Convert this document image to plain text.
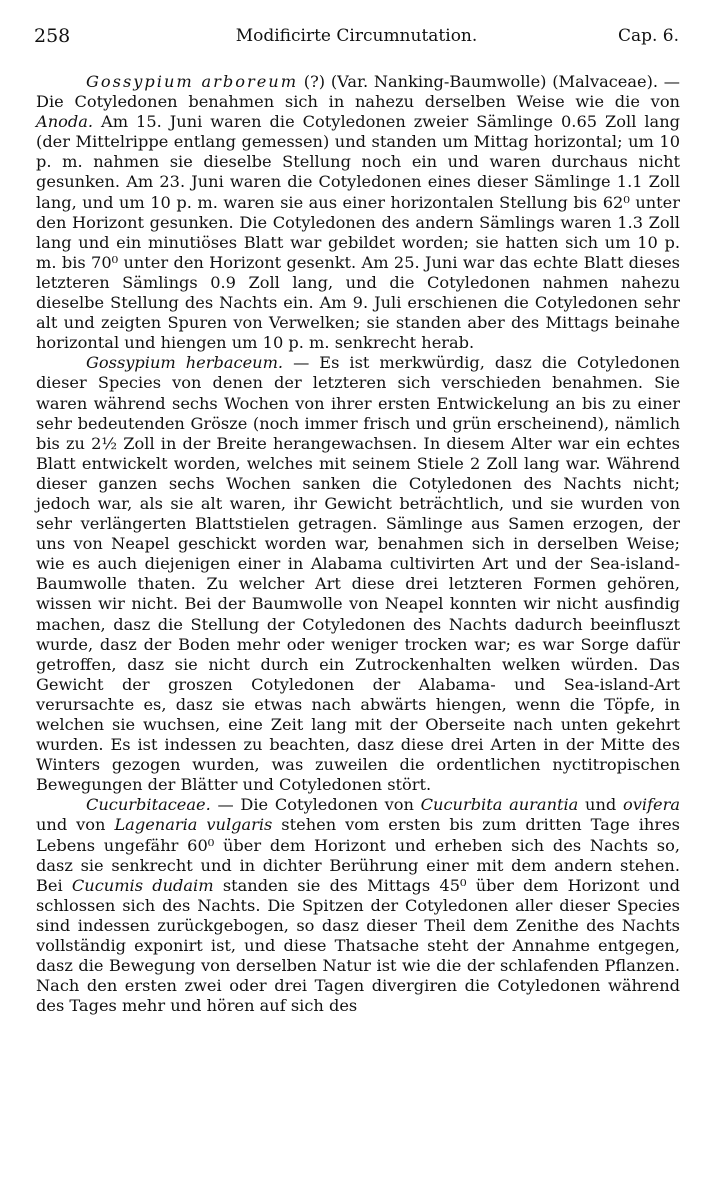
258	Modificirte Circumnutation.	Cap. 6.

Gossypium arboreum (?) (Var. Nanking-Baumwolle) (Malvaceae). — Die Cotyledonen benahmen sich in nahezu derselben Weise wie die von Anoda. Am 15. Juni waren die Cotyledonen zweier Sämlinge 0.65 Zoll lang (der Mittelrippe entlang gemessen) und standen um Mittag horizontal; um 10 p. m. nahmen sie dieselbe Stellung noch ein und waren durchaus nicht gesunken. Am 23. Juni waren die Cotyledonen eines dieser Sämlinge 1.1 Zoll lang, und um 10 p. m. waren sie aus einer horizontalen Stellung bis 62⁰ unter den Horizont gesunken. Die Cotyledonen des andern Sämlings waren 1.3 Zoll lang und ein minutiöses Blatt war gebildet worden; sie hatten sich um 10 p. m. bis 70⁰ unter den Horizont gesenkt. Am 25. Juni war das echte Blatt dieses letzteren Sämlings 0.9 Zoll lang, und die Cotyledonen nahmen nahezu dieselbe Stellung des Nachts ein. Am 9. Juli erschienen die Cotyledonen sehr alt und zeigten Spuren von Verwelken; sie standen aber des Mittags beinahe horizontal und hiengen um 10 p. m. senkrecht herab.

Gossypium herbaceum. — Es ist merkwürdig, dasz die Cotyledonen dieser Species von denen der letzteren sich verschieden benahmen. Sie waren während sechs Wochen von ihrer ersten Entwickelung an bis zu einer sehr bedeutenden Grösze (noch immer frisch und grün erscheinend), nämlich bis zu 2½ Zoll in der Breite herangewachsen. In diesem Alter war ein echtes Blatt entwickelt worden, welches mit seinem Stiele 2 Zoll lang war. Während dieser ganzen sechs Wochen sanken die Cotyledonen des Nachts nicht; jedoch war, als sie alt waren, ihr Gewicht beträchtlich, und sie wurden von sehr verlängerten Blattstielen getragen. Sämlinge aus Samen erzogen, der uns von Neapel geschickt worden war, benahmen sich in derselben Weise; wie es auch diejenigen einer in Alabama cultivirten Art und der Sea-island-Baumwolle thaten. Zu welcher Art diese drei letzteren Formen gehören, wissen wir nicht. Bei der Baumwolle von Neapel konnten wir nicht ausfindig machen, dasz die Stellung der Cotyledonen des Nachts dadurch beeinfluszt wurde, dasz der Boden mehr oder weniger trocken war; es war Sorge dafür getroffen, dasz sie nicht durch ein Zutrockenhalten welken würden. Das Gewicht der groszen Cotyledonen der Alabama- und Sea-island-Art verursachte es, dasz sie etwas nach abwärts hiengen, wenn die Töpfe, in welchen sie wuchsen, eine Zeit lang mit der Oberseite nach unten gekehrt wurden. Es ist indessen zu beachten, dasz diese drei Arten in der Mitte des Winters gezogen wurden, was zuweilen die ordentlichen nyctitropischen Bewegungen der Blätter und Cotyledonen stört.

Cucurbitaceae. — Die Cotyledonen von Cucurbita aurantia und ovifera und von Lagenaria vulgaris stehen vom ersten bis zum dritten Tage ihres Lebens ungefähr 60⁰ über dem Horizont und erheben sich des Nachts so, dasz sie senkrecht und in dichter Berührung einer mit dem andern stehen. Bei Cucumis dudaim standen sie des Mittags 45⁰ über dem Horizont und schlossen sich des Nachts. Die Spitzen der Cotyledonen aller dieser Species sind indessen zurückgebogen, so dasz dieser Theil dem Zenithe des Nachts vollständig exponirt ist, und diese Thatsache steht der Annahme entgegen, dasz die Bewegung von derselben Natur ist wie die der schlafenden Pflanzen. Nach den ersten zwei oder drei Tagen divergiren die Cotyledonen während des Tages mehr und hören auf sich des
